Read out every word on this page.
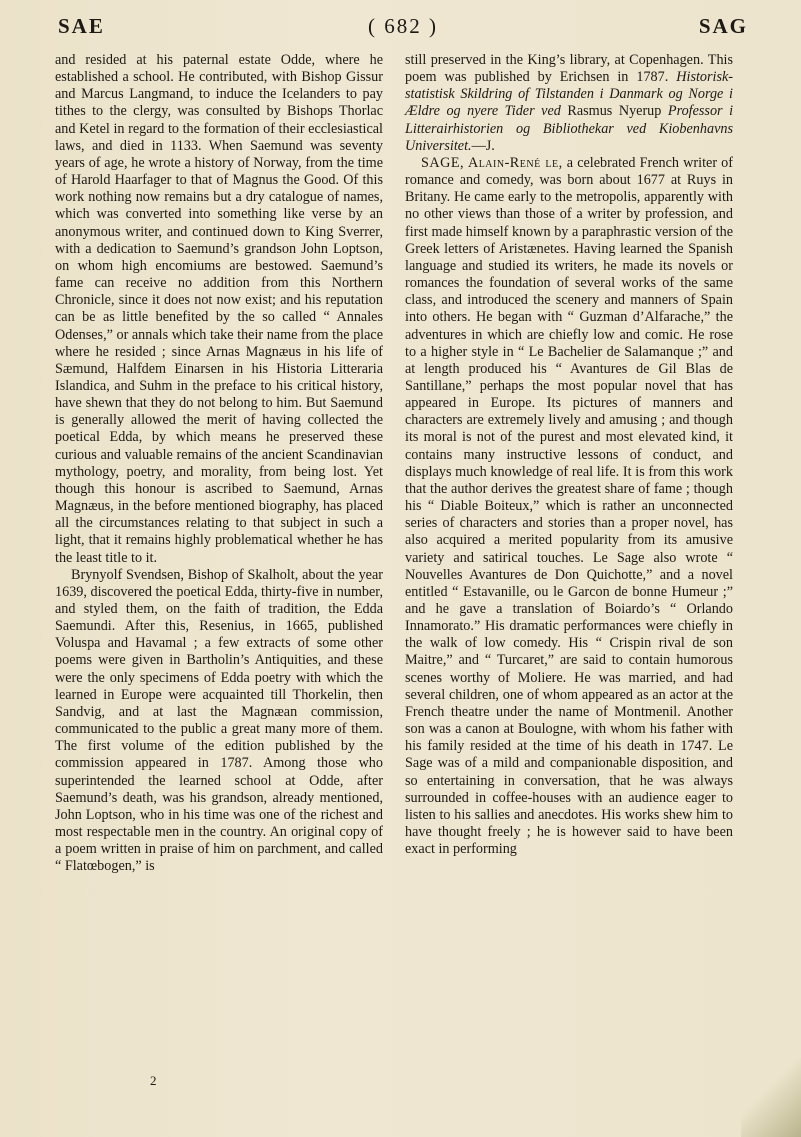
SAE	( 682 )	SAG

and resided at his paternal estate Odde, where he established a school. He contributed, with Bishop Gissur and Marcus Langmand, to induce the Icelanders to pay tithes to the clergy, was consulted by Bishops Thorlac and Ketel in regard to the formation of their ecclesiastical laws, and died in 1133. When Saemund was seventy years of age, he wrote a history of Norway, from the time of Harold Haarfager to that of Magnus the Good. Of this work nothing now remains but a dry catalogue of names, which was converted into something like verse by an anonymous writer, and continued down to King Sverrer, with a dedication to Saemund’s grandson John Loptson, on whom high encomiums are bestowed. Saemund’s fame can receive no addition from this Northern Chronicle, since it does not now exist; and his reputation can be as little benefited by the so called “ Annales Odenses,” or annals which take their name from the place where he resided ; since Arnas Magnæus in his life of Sæmund, Halfdem Einarsen in his Historia Litteraria Islandica, and Suhm in the preface to his critical history, have shewn that they do not belong to him. But Saemund is generally allowed the merit of having collected the poetical Edda, by which means he preserved these curious and valuable remains of the ancient Scandinavian mythology, poetry, and morality, from being lost. Yet though this honour is ascribed to Saemund, Arnas Magnæus, in the before mentioned biography, has placed all the circumstances relating to that subject in such a light, that it remains highly problematical whether he has the least title to it.

Brynyolf Svendsen, Bishop of Skalholt, about the year 1639, discovered the poetical Edda, thirty-five in number, and styled them, on the faith of tradition, the Edda Saemundi. After this, Resenius, in 1665, published Voluspa and Havamal ; a few extracts of some other poems were given in Bartholin’s Antiquities, and these were the only specimens of Edda poetry with which the learned in Europe were acquainted till Thorkelin, then Sandvig, and at last the Magnæan commission, communicated to the public a great many more of them. The first volume of the edition published by the commission appeared in 1787. Among those who superintended the learned school at Odde, after Saemund’s death, was his grandson, already mentioned, John Loptson, who in his time was one of the richest and most respectable men in the country. An original copy of a poem written in praise of him on parchment, and called “ Flatœbogen,” is

still preserved in the King’s library, at Copenhagen. This poem was published by Erichsen in 1787. Historisk-statistisk Skildring of Tilstanden i Danmark og Norge i Ældre og nyere Tider ved Rasmus Nyerup Professor i Litterairhistorien og Bibliothekar ved Kiobenhavns Universitet.—J.

SAGE, Alain-René le, a celebrated French writer of romance and comedy, was born about 1677 at Ruys in Britany. He came early to the metropolis, apparently with no other views than those of a writer by profession, and first made himself known by a paraphrastic version of the Greek letters of Aristænetes. Having learned the Spanish language and studied its writers, he made its novels or romances the foundation of several works of the same class, and introduced the scenery and manners of Spain into others. He began with “ Guzman d’Alfarache,” the adventures in which are chiefly low and comic. He rose to a higher style in “ Le Bachelier de Salamanque ;” and at length produced his “ Avantures de Gil Blas de Santillane,” perhaps the most popular novel that has appeared in Europe. Its pictures of manners and characters are extremely lively and amusing ; and though its moral is not of the purest and most elevated kind, it contains many instructive lessons of conduct, and displays much knowledge of real life. It is from this work that the author derives the greatest share of fame ; though his “ Diable Boiteux,” which is rather an unconnected series of characters and stories than a proper novel, has also acquired a merited popularity from its amusive variety and satirical touches. Le Sage also wrote “ Nouvelles Avantures de Don Quichotte,” and a novel entitled “ Estavanille, ou le Garcon de bonne Humeur ;” and he gave a translation of Boiardo’s “ Orlando Innamorato.” His dramatic performances were chiefly in the walk of low comedy. His “ Crispin rival de son Maitre,” and “ Turcaret,” are said to contain humorous scenes worthy of Moliere. He was married, and had several children, one of whom appeared as an actor at the French theatre under the name of Montmenil. Another son was a canon at Boulogne, with whom his father with his family resided at the time of his death in 1747. Le Sage was of a mild and companionable disposition, and so entertaining in conversation, that he was always surrounded in coffee-houses with an audience eager to listen to his sallies and anecdotes. His works shew him to have thought freely ; he is however said to have been exact in performing

2
